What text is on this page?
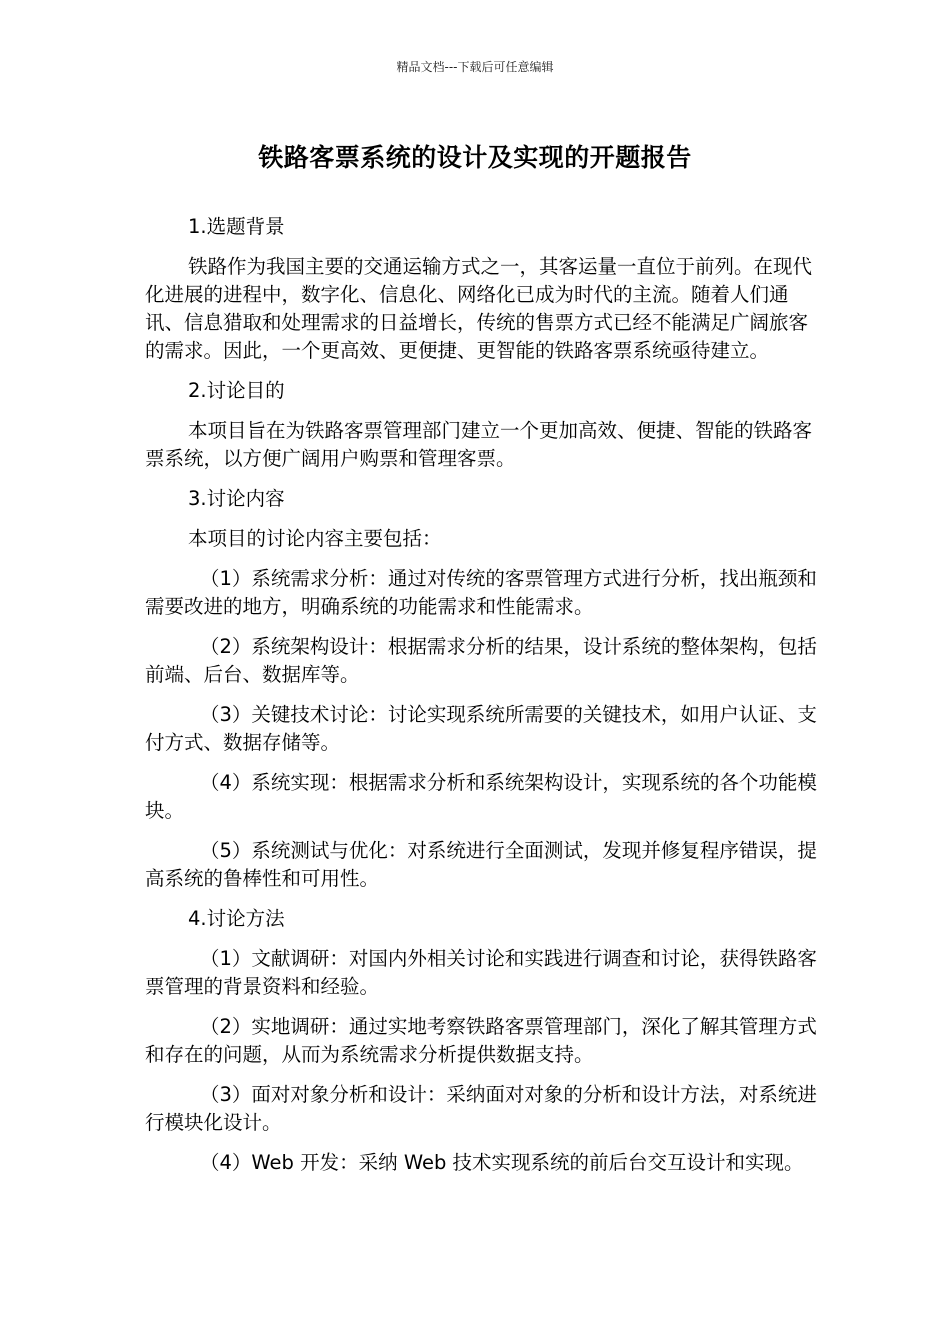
精品文档---下载后可任意编辑
铁路客票系统的设计及实现的开题报告
1.选题背景
铁路作为我国主要的交通运输方式之一，其客运量一直位于前列。在现代化进展的进程中，数字化、信息化、网络化已成为时代的主流。随着人们通讯、信息猎取和处理需求的日益增长，传统的售票方式已经不能满足广阔旅客的需求。因此，一个更高效、更便捷、更智能的铁路客票系统亟待建立。
2.讨论目的
本项目旨在为铁路客票管理部门建立一个更加高效、便捷、智能的铁路客票系统，以方便广阔用户购票和管理客票。
3.讨论内容
本项目的讨论内容主要包括：
（1）系统需求分析：通过对传统的客票管理方式进行分析，找出瓶颈和需要改进的地方，明确系统的功能需求和性能需求。
（2）系统架构设计：根据需求分析的结果，设计系统的整体架构，包括前端、后台、数据库等。
（3）关键技术讨论：讨论实现系统所需要的关键技术，如用户认证、支付方式、数据存储等。
（4）系统实现：根据需求分析和系统架构设计，实现系统的各个功能模块。
（5）系统测试与优化：对系统进行全面测试，发现并修复程序错误，提高系统的鲁棒性和可用性。
4.讨论方法
（1）文献调研：对国内外相关讨论和实践进行调查和讨论，获得铁路客票管理的背景资料和经验。
（2）实地调研：通过实地考察铁路客票管理部门，深化了解其管理方式和存在的问题，从而为系统需求分析提供数据支持。
（3）面对对象分析和设计：采纳面对对象的分析和设计方法，对系统进行模块化设计。
（4）Web 开发：采纳 Web 技术实现系统的前后台交互设计和实现。
